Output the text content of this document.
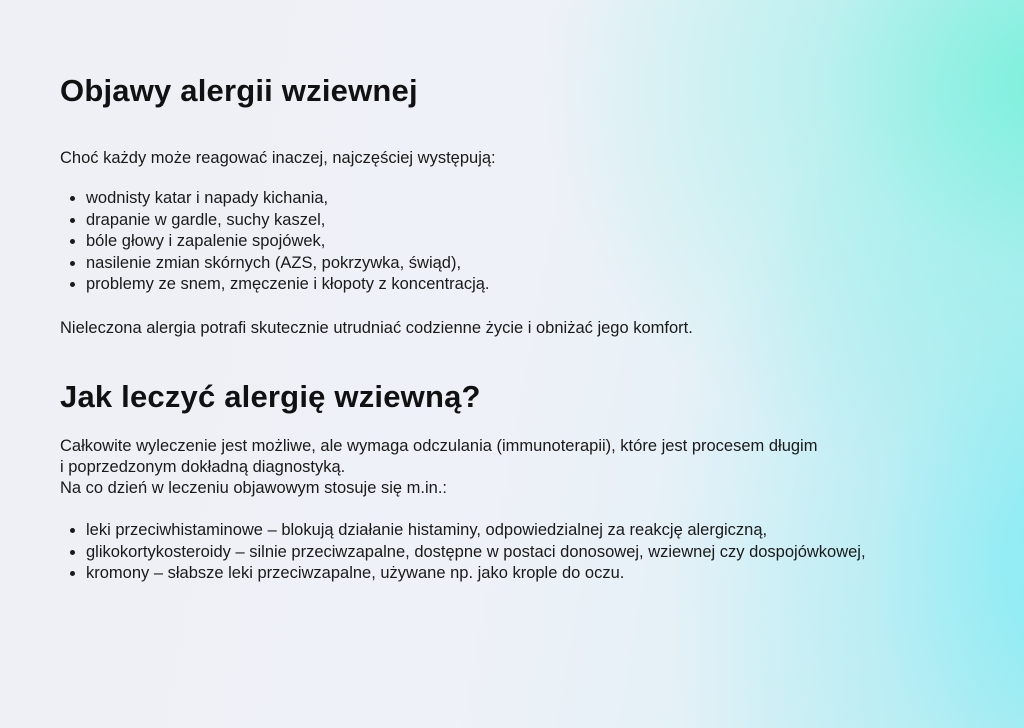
Objawy alergii wziewnej

Choć każdy może reagować inaczej, najczęściej występują:

• wodnisty katar i napady kichania,
• drapanie w gardle, suchy kaszel,
• bóle głowy i zapalenie spojówek,
• nasilenie zmian skórnych (AZS, pokrzywka, świąd),
• problemy ze snem, zmęczenie i kłopoty z koncentracją.

Nieleczona alergia potrafi skutecznie utrudniać codzienne życie i obniżać jego komfort.

Jak leczyć alergię wziewną?

Całkowite wyleczenie jest możliwe, ale wymaga odczulania (immunoterapii), które jest procesem długim

i poprzedzonym dokładną diagnostyką.

Na co dzień w leczeniu objawowym stosuje się m.in.:

• leki przeciwhistaminowe – blokują działanie histaminy, odpowiedzialnej za reakcję alergiczną,
• glikokortykosteroidy – silnie przeciwzapalne, dostępne w postaci donosowej, wziewnej czy dospojówkowej,
• kromony – słabsze leki przeciwzapalne, używane np. jako krople do oczu.
